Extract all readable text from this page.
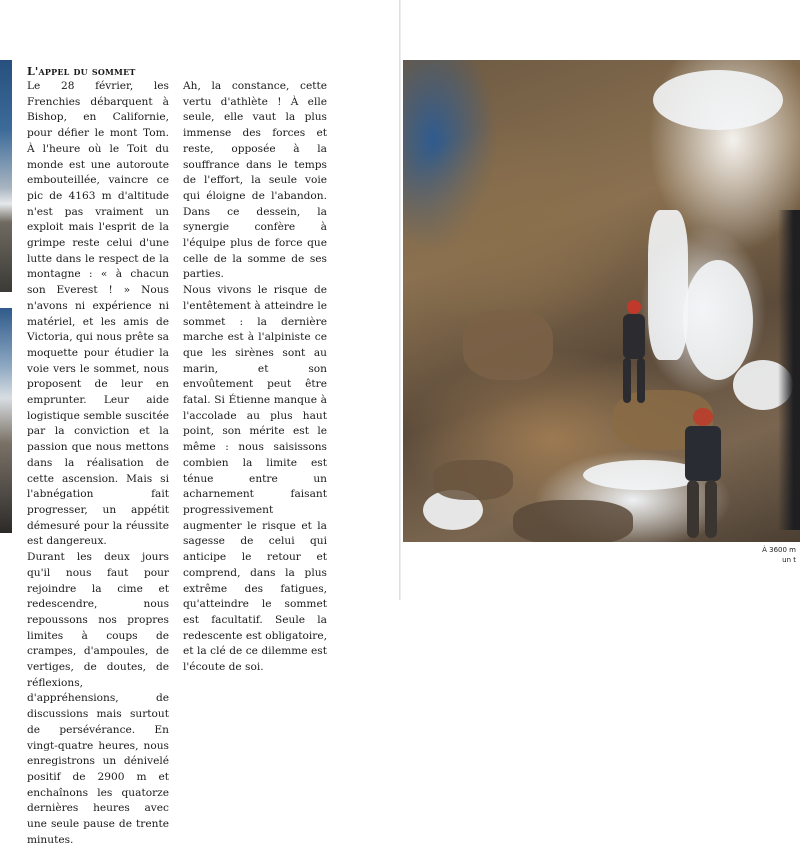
L'appel du sommet

Le 28 février, les Frenchies débarquent à Bishop, en Californie, pour défier le mont Tom. À l'heure où le Toit du monde est une autoroute embouteillée, vaincre ce pic de 4163 m d'altitude n'est pas vraiment un exploit mais l'esprit de la grimpe reste celui d'une lutte dans le respect de la montagne : « à chacun son Everest ! » Nous n'avons ni expérience ni matériel, et les amis de Victoria, qui nous prête sa moquette pour étudier la voie vers le sommet, nous proposent de leur en emprunter. Leur aide logistique semble suscitée par la conviction et la passion que nous mettons dans la réalisation de cette ascension. Mais si l'abnégation fait progresser, un appétit démesuré pour la réussite est dangereux.

Durant les deux jours qu'il nous faut pour rejoindre la cime et redescendre, nous repoussons nos propres limites à coups de crampes, d'ampoules, de vertiges, de doutes, de réflexions, d'appréhensions, de discussions mais surtout de persévérance. En vingt-quatre heures, nous enregistrons un dénivelé positif de 2900 m et enchaînons les quatorze dernières heures avec une seule pause de trente minutes.

Ah, la constance, cette vertu d'athlète ! À elle seule, elle vaut la plus immense des forces et reste, opposée à la souffrance dans le temps de l'effort, la seule voie qui éloigne de l'abandon. Dans ce dessein, la synergie confère à l'équipe plus de force que celle de la somme de ses parties.

Nous vivons le risque de l'entêtement à atteindre le sommet : la dernière marche est à l'alpiniste ce que les sirènes sont au marin, et son envoûtement peut être fatal. Si Étienne manque à l'accolade au plus haut point, son mérite est le même : nous saisissons combien la limite est ténue entre un acharnement faisant progressivement augmenter le risque et la sagesse de celui qui anticipe le retour et comprend, dans la plus extrême des fatigues, qu'atteindre le sommet est facultatif. Seule la redescente est obligatoire, et la clé de ce dilemme est l'écoute de soi.

À 3600 m
un t
